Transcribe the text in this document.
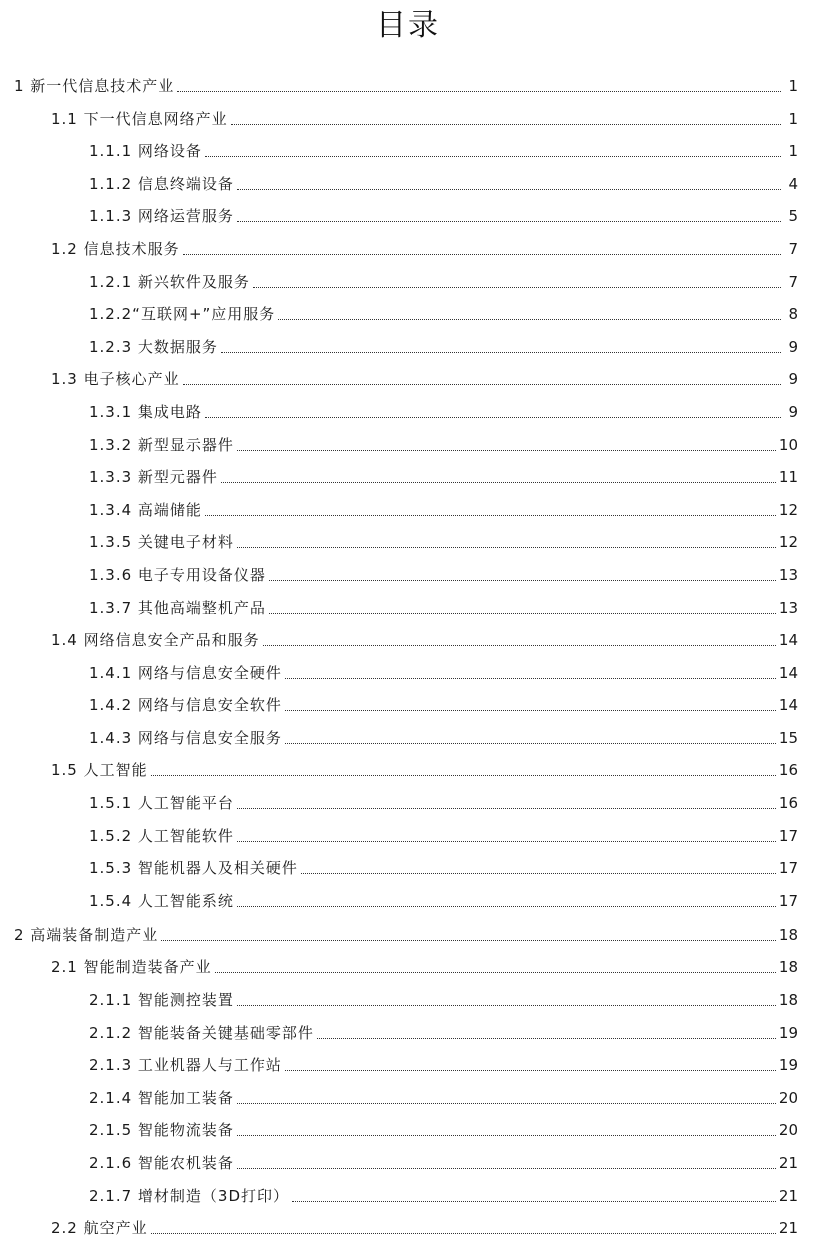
目录
1 新一代信息技术产业	1
1.1 下一代信息网络产业	1
1.1.1 网络设备	1
1.1.2 信息终端设备	4
1.1.3 网络运营服务	5
1.2 信息技术服务	7
1.2.1 新兴软件及服务	7
1.2.2“互联网+”应用服务	8
1.2.3 大数据服务	9
1.3 电子核心产业	9
1.3.1 集成电路	9
1.3.2 新型显示器件	10
1.3.3 新型元器件	11
1.3.4 高端储能	12
1.3.5 关键电子材料	12
1.3.6 电子专用设备仪器	13
1.3.7 其他高端整机产品	13
1.4 网络信息安全产品和服务	14
1.4.1 网络与信息安全硬件	14
1.4.2 网络与信息安全软件	14
1.4.3 网络与信息安全服务	15
1.5 人工智能	16
1.5.1 人工智能平台	16
1.5.2 人工智能软件	17
1.5.3 智能机器人及相关硬件	17
1.5.4 人工智能系统	17
2 高端装备制造产业	18
2.1 智能制造装备产业	18
2.1.1 智能测控装置	18
2.1.2 智能装备关键基础零部件	19
2.1.3 工业机器人与工作站	19
2.1.4 智能加工装备	20
2.1.5 智能物流装备	20
2.1.6 智能农机装备	21
2.1.7 增材制造（3D打印）	21
2.2 航空产业	21
